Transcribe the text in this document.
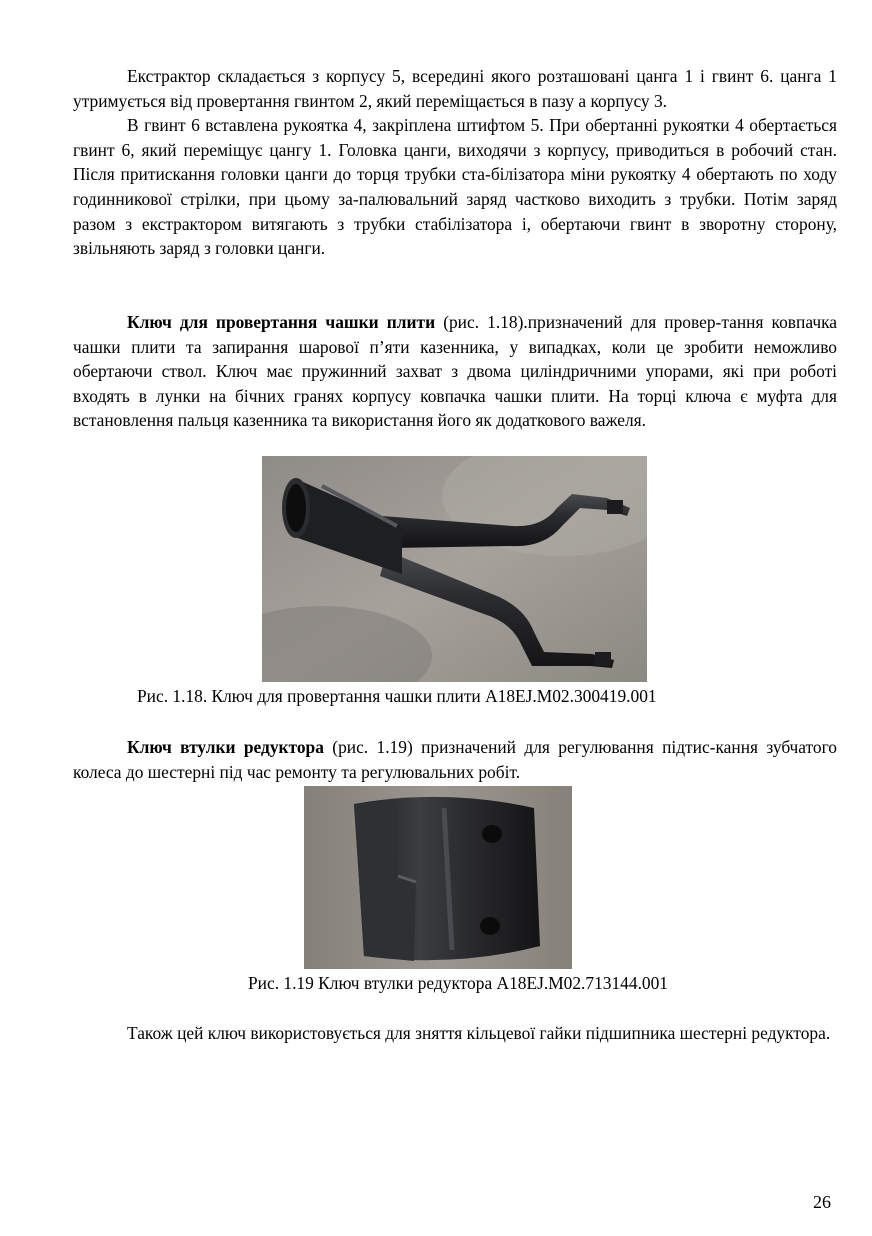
Екстрактор складається з корпусу 5, всередині якого розташовані цанга 1 і гвинт 6. цанга 1 утримується від провертання гвинтом 2, який переміщається в пазу а корпусу 3.

В гвинт 6 вставлена рукоятка 4, закріплена штифтом 5. При обертанні рукоятки 4 обертається гвинт 6, який переміщує цангу 1. Головка цанги, виходячи з корпусу, приводиться в робочий стан. Після притискання головки цанги до торця трубки ста-білізатора міни рукоятку 4 обертають по ходу годинникової стрілки, при цьому за-палювальний заряд частково виходить з трубки. Потім заряд разом з екстрактором витягають з трубки стабілізатора і, обертаючи гвинт в зворотну сторону, звільняють заряд з головки цанги.

Ключ для провертання чашки плити (рис. 1.18).призначений для провер-тання ковпачка чашки плити та запирання шарової п’яти казенника, у випадках, коли це зробити неможливо обертаючи ствол. Ключ має пружинний захват з двома циліндричними упорами, які при роботі входять в лунки на бічних гранях корпусу ковпачка чашки плити. На торці ключа є муфта для встановлення пальця казенника та використання його як додаткового важеля.

Рис. 1.18. Ключ для провертання чашки плити A18EJ.M02.300419.001

Ключ втулки редуктора (рис. 1.19) призначений для регулювання підтис-кання зубчатого колеса до шестерні під час ремонту та регулювальних робіт.

Рис. 1.19 Ключ втулки редуктора A18EJ.M02.713144.001

Також цей ключ використовується для зняття кільцевої гайки підшипника шестерні редуктора.

26
